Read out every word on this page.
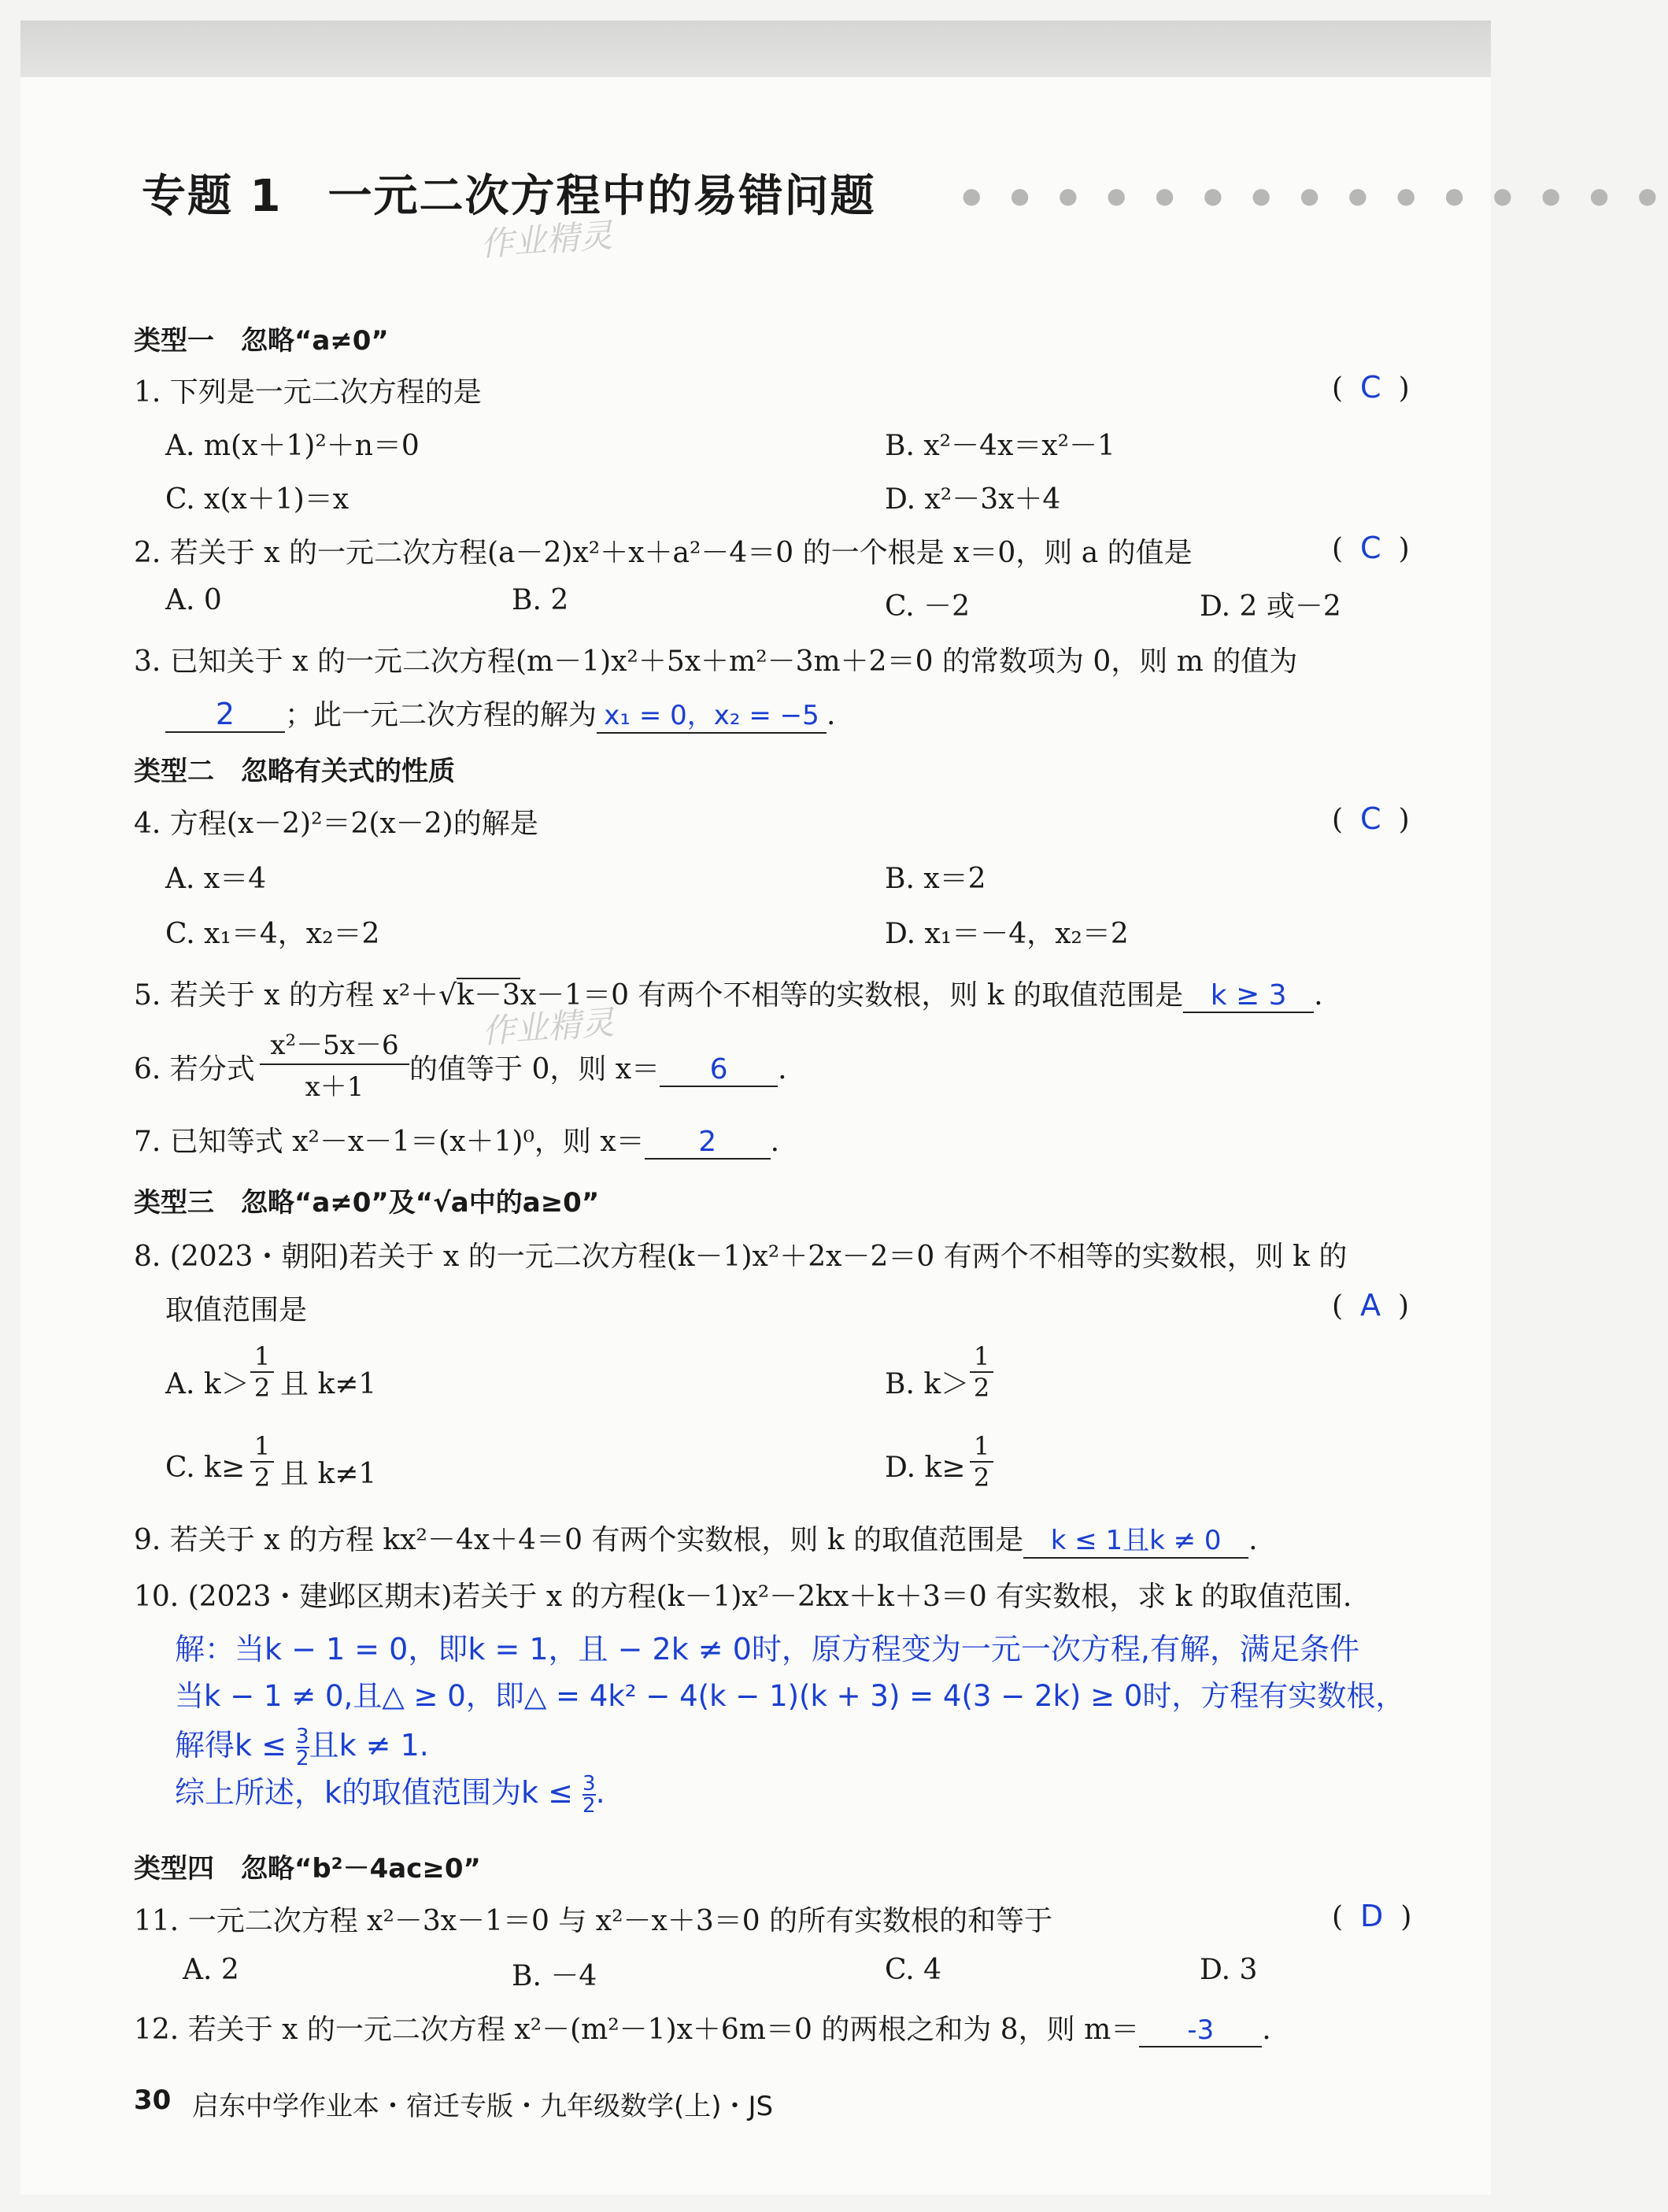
专题 1　一元二次方程中的易错问题	● ● ● ● ● ● ● ● ● ● ● ● ● ● ●
作业精灵
作业精灵
类型一　忽略“a≠0”
1. 下列是一元二次方程的是	( C )
A. m(x＋1)²＋n＝0	B. x²－4x＝x²－1
C. x(x＋1)＝x	D. x²－3x＋4
2. 若关于 x 的一元二次方程(a－2)x²＋x＋a²－4＝0 的一个根是 x＝0，则 a 的值是	( C )
A. 0	B. 2	C. －2	D. 2 或－2
3. 已知关于 x 的一元二次方程(m－1)x²＋5x＋m²－3m＋2＝0 的常数项为 0，则 m 的值为
2 ；此一元二次方程的解为 x₁ = 0，x₂ = −5 .
类型二　忽略有关式的性质
4. 方程(x－2)²＝2(x－2)的解是	( C )
A. x＝4	B. x＝2
C. x₁＝4，x₂＝2	D. x₁＝－4，x₂＝2
5. 若关于 x 的方程 x²＋√k－3x－1＝0 有两个不相等的实数根，则 k 的取值范围是 k ≥ 3 .
6. 若分式 $\frac{\text{x²－5x－6}}{x+1}$ 的值等于 0，则 x＝ 6 .
7. 已知等式 x²－x－1＝(x＋1)⁰，则 x＝ 2 .
类型三　忽略“a≠0”及“√a中的a≥0”
8. (2023・朝阳)若关于 x 的一元二次方程(k－1)x²＋2x－2＝0 有两个不相等的实数根，则 k 的
取值范围是	( A )
A. k＞
1
2 且 k≠1	B. k＞
1
2
C. k≥
1
2 且 k≠1	D. k≥
1
2
9. 若关于 x 的方程 kx²－4x＋4＝0 有两个实数根，则 k 的取值范围是 k ≤ 1且k ≠ 0 .
10. (2023・建邺区期末)若关于 x 的方程(k－1)x²－2kx＋k＋3＝0 有实数根，求 k 的取值范围.
解：当k − 1 = 0，即k = 1，且 − 2k ≠ 0时，原方程变为一元一次方程,有解，满足条件
当k − 1 ≠ 0,且△ ≥ 0，即△ = 4k² − 4(k − 1)(k + 3) = 4(3 − 2k) ≥ 0时，方程有实数根，
解得$k \le \frac{3}{2}$ 且k ≠ 1.
综上所述，k的取值范围为$k \le \frac{3}{2}$ .
类型四　忽略“b²－4ac≥0”
11. 一元二次方程 x²－3x－1＝0 与 x²－x＋3＝0 的所有实数根的和等于	( D )
A. 2	B. －4	C. 4	D. 3
12. 若关于 x 的一元二次方程 x²－(m²－1)x＋6m＝0 的两根之和为 8，则 m＝ -3 .
30 启东中学作业本・宿迁专版・九年级数学(上)・JS
